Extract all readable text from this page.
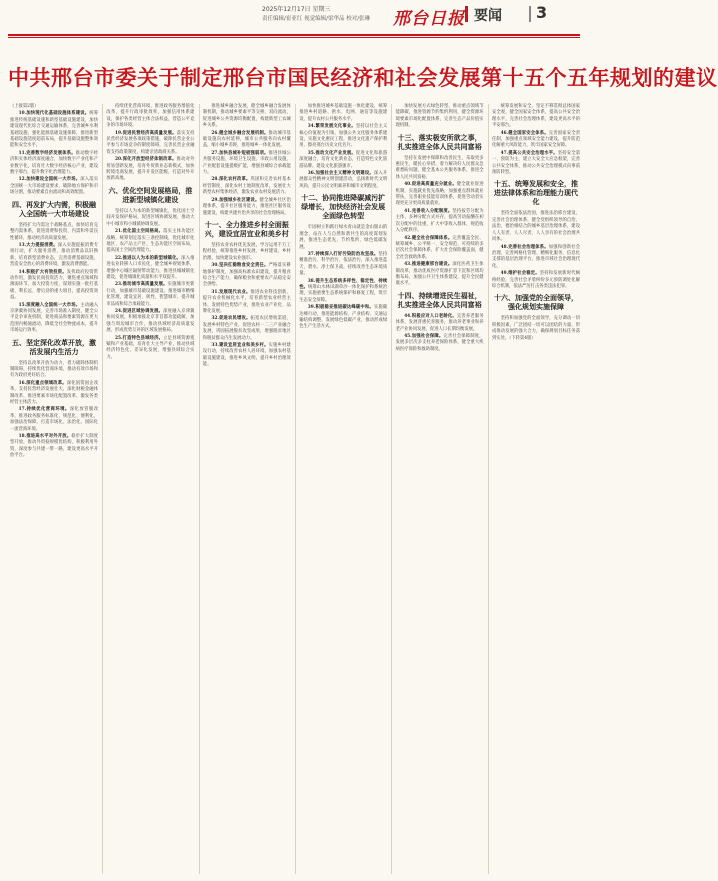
2025年12月17日 星期三
责任编辑/崔亚红 视觉编辑/梁华品 校对/张琳 邢台日报 要闻 3
中共邢台市委关于制定邢台市国民经济和社会发展第十五个五年规划的建议

（上接第2版）

10.加快现代化基础设施体系建设。统筹推进传统基础设施和新型基础设施建设，加快建设现代化综合交通运输体系，完善城乡水利基础设施，强化能源基础设施保障，推进新型基础设施适度超前布局，提升基础设施整体效能和安全水平。

11.完善数字经济发展体系。推动数字经济和实体经济深度融合，加快数字产业化和产业数字化，培育壮大数字经济核心产业，建设数字邢台，提升数字化治理能力。

12.加快建设全国统一大市场。深入落实全国统一大市场建设要求，破除地方保护和市场分割，推动要素自由流动和高效配置。

四、再发扩大内需，积极融入全国统一大市场建设

坚持扩大内需这个战略基点，加快培育完整内需体系，促进消费和投资、内需和外需良性循环，推动经济高质量发展。

13.大力提振消费。深入实施提振消费专项行动，扩大服务消费，推动消费品以旧换新，培育新型消费业态，完善消费基础设施，营造安全放心的消费环境，激发消费潜能。

14.积极扩大有效投资。发挥政府投资带动作用，激发民间投资活力，聚焦重点领域和薄弱环节，加大投资力度，谋划实施一批打基础、利长远、增后劲的重大项目，提高投资效益。

15.深度融入全国统一大市场。主动融入京津冀协同发展，完善市场准入制度，健全公平竞争审查机制，促进商品和要素资源在更大范围内畅通流动，降低全社会物流成本，提升市场运行效率。

五、坚定深化改革开放，激活发展内生活力

坚持以改革开放为动力，着力破除体制机制障碍，持续优化营商环境，推动有效市场和有为政府更好结合。

16.深化重点领域改革。深化国资国企改革，支持民营经济发展壮大，深化财税金融体制改革，推进要素市场化配置改革，激发各类经营主体活力。

17.持续优化营商环境。深化放管服改革，推进政务服务标准化、规范化、便利化，加强法治保障，打造市场化、法治化、国际化一流营商环境。

18.推进高水平对外开放。稳步扩大制度型开放，推动外贸稳规模优结构，积极利用外资，深度参与共建一带一路，建设更高水平开放平台。

持续优化营商环境，推进政务服务增值化改革，提升行政审批效率，加强信用体系建设，保护各类经营主体合法权益，营造公平竞争的市场环境。

19.促进民营经济高质量发展。落实支持民营经济发展各项政策措施，破除民营企业公平参与市场竞争的制度障碍，完善民营企业融资支持政策制度，构建亲清政商关系。

20.深化开放型经济体制改革。推动对外贸易创新发展，培育外贸新业态新模式，加快跨境电商发展，提升开发区能级，打造对外开放新高地。

六、优化空间发展格局，推进新型城镇化建设

坚持以人为本的新型城镇化，优化国土空间开发保护格局，促进区域协调发展，推动大中小城市和小城镇协调发展。

21.优化国土空间格局。落实主体功能区战略，统筹划定落实三条控制线，优化城市化地区、农产品主产区、生态功能区空间布局，提高国土空间治理能力。

22.推进以人为本的新型城镇化。深入推进农业转移人口市民化，健全城乡规划体系，增强中心城区辐射带动能力，推进县城城镇化建设，促进城镇化质量和水平双提升。

23.推动城市高质量发展。实施城市更新行动，加强城市基础设施建设，推进城市精细化管理，建设宜居、韧性、智慧城市，提升城市品质和综合承载能力。

24.促进区域协调发展。深度融入京津冀协同发展，积极承接北京非首都功能疏解，加强与周边城市合作，推动县域经济高质量发展，形成优势互补的区域发展格局。

25.打造特色县域经济。立足县域资源禀赋和产业基础，培育壮大主导产业，推动县域经济特色化、差异化发展，增强县域综合实力。

推进城乡融合发展，健全城乡融合发展体制机制，推动城乡要素平等交换、双向流动，促进城乡公共资源均衡配置，构建新型工农城乡关系。

26.健全城乡融合发展机制。推动城市基础设施向农村延伸，城市公共服务向农村覆盖，缩小城乡差距，推进城乡一体化发展。

27.加快县城补短板强弱项。推进县城公共服务设施、环境卫生设施、市政公用设施、产业配套设施提级扩能，增强县城综合承载能力。

28.深化农村改革。巩固和完善农村基本经营制度，深化农村土地制度改革，发展壮大新型农村集体经济，激发农业农村发展活力。

29.加强城乡社区建设。健全城乡社区治理体系，提升社区服务能力，推进社区服务设施建设，构建共建共治共享的社会治理格局。

十一、全力推进乡村全面振兴，建设宜居宜业和美乡村

坚持农业农村优先发展，学习运用千万工程经验，统筹推进乡村发展、乡村建设、乡村治理，加快建设农业强市。

30.坚决扛稳粮食安全责任。严格落实耕地保护制度，加强高标准农田建设，提升粮食综合生产能力，确保粮食和重要农产品稳定安全供给。

31.发展现代农业。推进农业科技创新，提升农业机械化水平，培育新型农业经营主体，发展特色优势产业，推进农业产业化、品牌化发展。

32.促进农民增收。拓宽农民增收渠道，发展乡村特色产业，促进农村一二三产业融合发展，巩固拓展脱贫攻坚成果，增强脱贫地区和脱贫群众内生发展动力。

33.建设宜居宜业和美乡村。实施乡村建设行动，持续改善农村人居环境，加强农村基础设施建设，推进乡风文明，提升乡村治理效能。

加快推进城乡基础设施一体化建设，统筹推进乡村道路、供水、电网、通信等设施建设，提升农村公共服务水平。

34.繁荣发展文化事业。坚持以社会主义核心价值观为引领，加强公共文化服务体系建设，实施文化惠民工程，推进文化遗产保护利用，擦亮邢台历史文化名片。

35.推动文化产业发展。促进文化和旅游深度融合，培育文化新业态，打造特色文化旅游品牌，建设文化旅游强市。

36.加强社会主义精神文明建设。深入开展群众性精神文明创建活动，弘扬新时代文明风尚，提升公民文明素养和城市文明程度。

十二、协同推进降碳减污扩绿增长，加快经济社会发展全面绿色转型

牢固树立和践行绿水青山就是金山银山的理念，站在人与自然和谐共生的高度谋划发展，推进生态优先、节约集约、绿色低碳发展。

37.持续深入打好污染防治攻坚战。坚持精准治污、科学治污、依法治污，深入推进蓝天、碧水、净土保卫战，持续改善生态环境质量。

38.提升生态系统多样性、稳定性、持续性。统筹山水林田湖草沙一体化保护和系统治理，实施重要生态系统保护和修复工程，筑牢生态安全屏障。

39.积极稳妥推进碳达峰碳中和。实施碳达峰行动，推进能源结构、产业结构、交通运输结构调整，发展绿色低碳产业，推动形成绿色生产生活方式。

加快发展方式绿色转型，推动重点领域节能降碳，推进资源节约集约利用，健全资源环境要素市场化配置体系，完善生态产品价值实现机制。

十三、落实极安所欲之事，扎实推进全体人民共同富裕

坚持在发展中保障和改善民生，采取更多惠民生、暖民心举措，着力解决好人民群众急难愁盼问题，健全基本公共服务体系，推进全体人民共同富裕。

40.促进高质量充分就业。健全就业促进机制，实施就业优先战略，加强重点群体就业帮扶，完善职业技能培训体系，促进劳动者实现更充分更高质量就业。

41.完善收入分配制度。坚持按劳分配为主体、多种分配方式并存，提高劳动报酬在初次分配中的比重，扩大中等收入群体，规范收入分配秩序。

42.健全社会保障体系。完善覆盖全民、统筹城乡、公平统一、安全规范、可持续的多层次社会保障体系，扩大社会保险覆盖面，健全社会救助体系。

43.推进健康邢台建设。深化医药卫生体制改革，推动优质医疗资源扩容下沉和区域均衡布局，加强公共卫生体系建设，提升全民健康水平。

十四、持续增进民生福祉，扎实推进全体人民共同富裕

44.积极应对人口老龄化。完善养老服务体系，发展普惠托育服务，推动养老事业和养老产业协同发展，促进人口长期均衡发展。

45.加强社会保障。完善社会保障制度，发展多层次多支柱养老保险体系，健全重大疾病医疗保险和救助制度。

统筹发展和安全，坚定不移贯彻总体国家安全观，健全国家安全体系，提高公共安全治理水平，完善社会治理体系，建设更高水平的平安邢台。

46.健全国家安全体系。完善国家安全责任制，加强重点领域安全能力建设，提升防范化解重大风险能力，筑牢国家安全屏障。

47.提高公共安全治理水平。坚持安全第一、预防为主，建立大安全大应急框架，完善公共安全体系，推动公共安全治理模式向事前预防转型。

十五、统筹发展和安全，推进法律体系和治理能力现代化

坚持全面依法治国，推进法治邢台建设，完善社会治理体系，健全党组织领导的自治、法治、德治相结合的城乡基层治理体系，建设人人有责、人人尽责、人人享有的社会治理共同体。

48.完善社会治理体系。加强和创新社会治理，完善网格化管理、精细化服务、信息化支撑的基层治理平台，推进市域社会治理现代化。

49.维护社会稳定。坚持和发展新时代枫桥经验，完善社会矛盾纠纷多元预防调处化解综合机制，依法严厉打击各类违法犯罪。

十六、加强党的全面领导，强化规划实施保障

坚持和加强党的全面领导，充分调动一切积极因素，广泛团结一切可以团结的力量，形成推动发展的强大合力，确保规划目标任务落到实处。（下转第4版）
